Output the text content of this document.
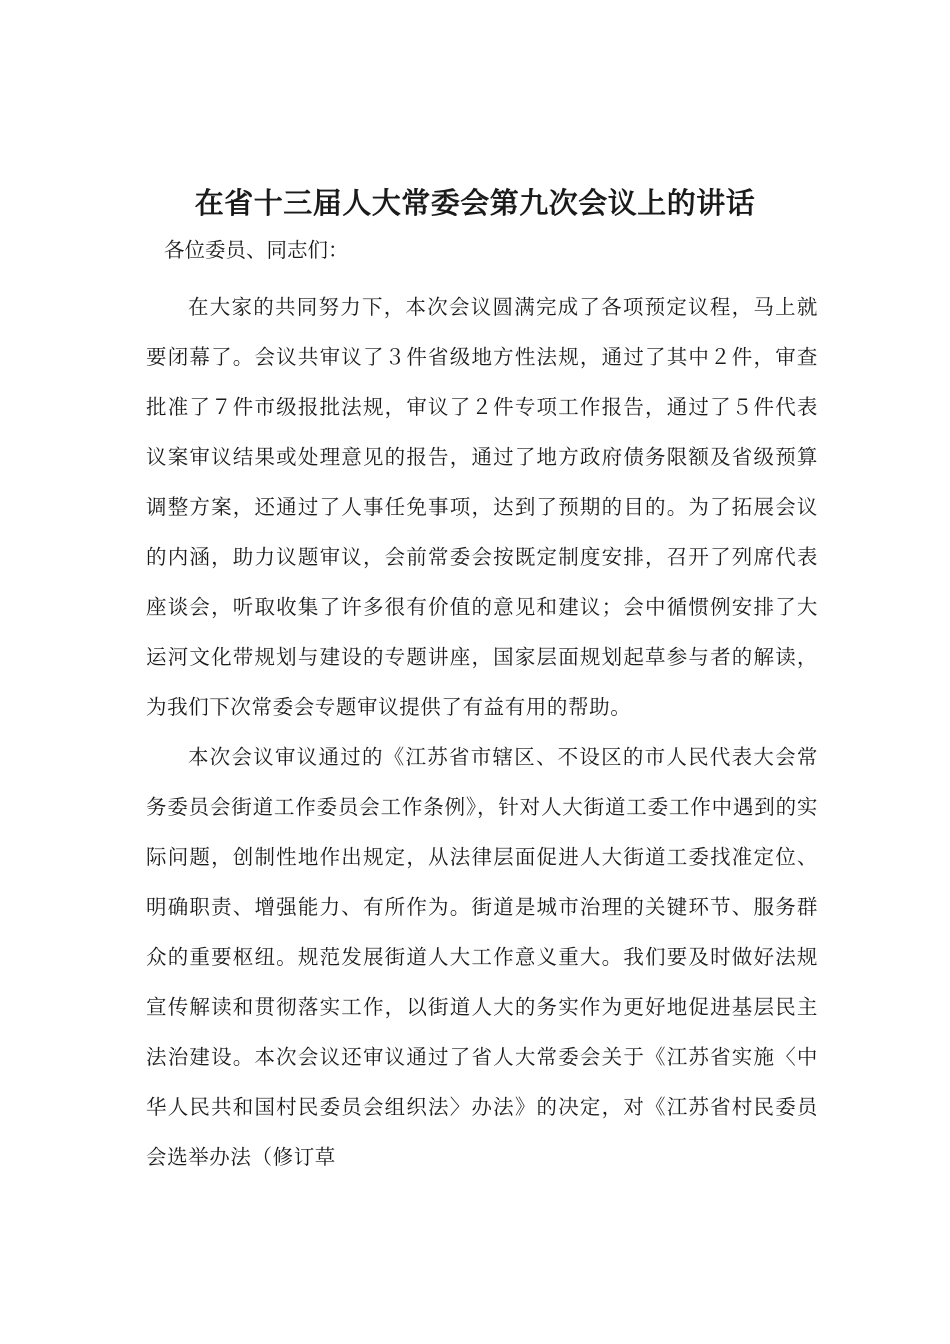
在省十三届人大常委会第九次会议上的讲话

各位委员、同志们：

在大家的共同努力下，本次会议圆满完成了各项预定议程，马上就要闭幕了。会议共审议了３件省级地方性法规，通过了其中２件，审查批准了７件市级报批法规，审议了２件专项工作报告，通过了５件代表议案审议结果或处理意见的报告，通过了地方政府债务限额及省级预算调整方案，还通过了人事任免事项，达到了预期的目的。为了拓展会议的内涵，助力议题审议，会前常委会按既定制度安排，召开了列席代表座谈会，听取收集了许多很有价值的意见和建议；会中循惯例安排了大运河文化带规划与建设的专题讲座，国家层面规划起草参与者的解读，为我们下次常委会专题审议提供了有益有用的帮助。

本次会议审议通过的《江苏省市辖区、不设区的市人民代表大会常务委员会街道工作委员会工作条例》，针对人大街道工委工作中遇到的实际问题，创制性地作出规定，从法律层面促进人大街道工委找准定位、明确职责、增强能力、有所作为。街道是城市治理的关键环节、服务群众的重要枢纽。规范发展街道人大工作意义重大。我们要及时做好法规宣传解读和贯彻落实工作，以街道人大的务实作为更好地促进基层民主法治建设。本次会议还审议通过了省人大常委会关于《江苏省实施〈中华人民共和国村民委员会组织法〉办法》的决定，对《江苏省村民委员会选举办法（修订草
